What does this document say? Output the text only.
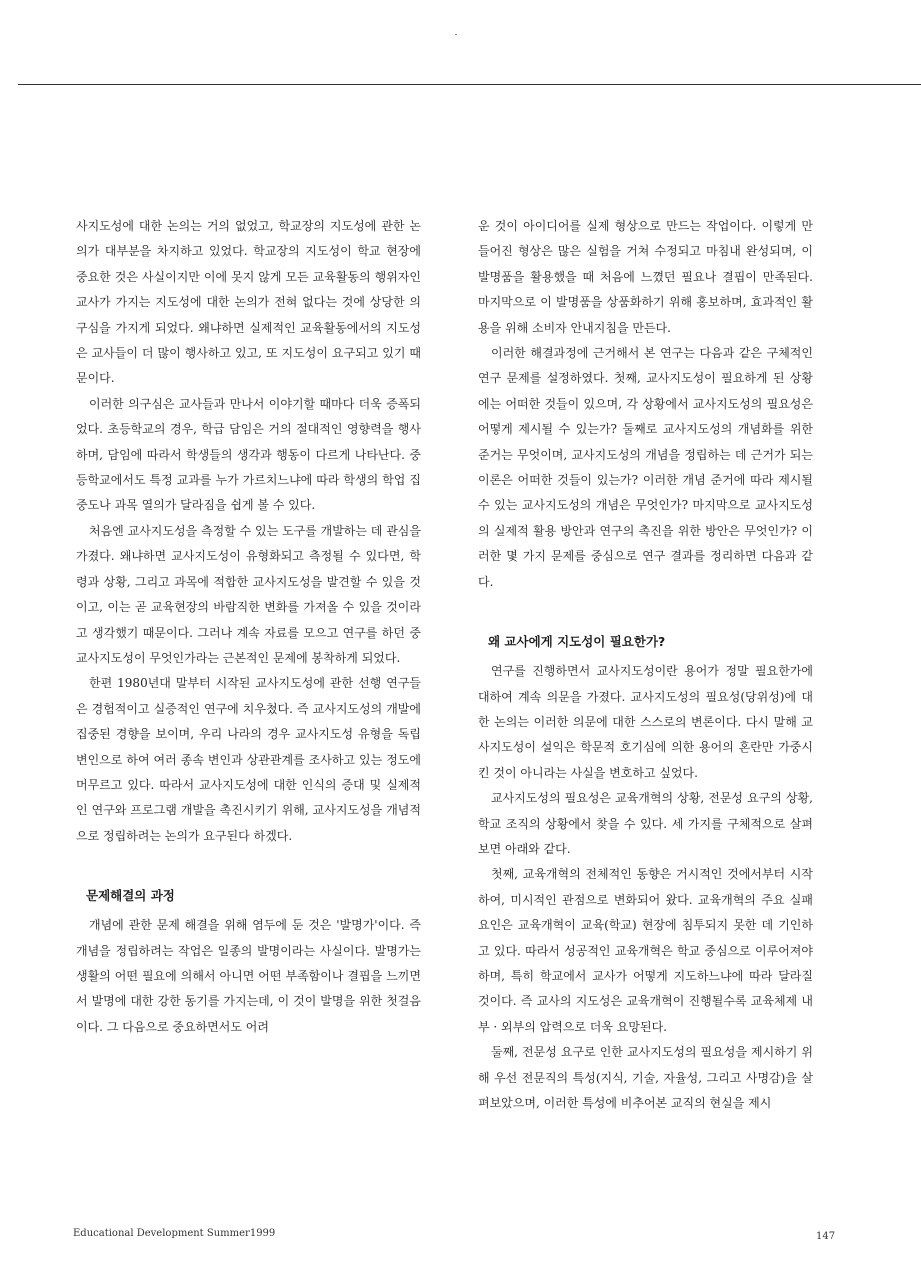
사지도성에 대한 논의는 거의 없었고, 학교장의 지도성에 관한 논의가 대부분을 차지하고 있었다. 학교장의 지도성이 학교 현장에 중요한 것은 사실이지만 이에 못지 않게 모든 교육활동의 행위자인 교사가 가지는 지도성에 대한 논의가 전혀 없다는 것에 상당한 의구심을 가지게 되었다. 왜냐하면 실제적인 교육활동에서의 지도성은 교사들이 더 많이 행사하고 있고, 또 지도성이 요구되고 있기 때문이다.

이러한 의구심은 교사들과 만나서 이야기할 때마다 더욱 증폭되었다. 초등학교의 경우, 학급 담임은 거의 절대적인 영향력을 행사하며, 담임에 따라서 학생들의 생각과 행동이 다르게 나타난다. 중등학교에서도 특정 교과를 누가 가르치느냐에 따라 학생의 학업 집중도나 과목 열의가 달라짐을 쉽게 볼 수 있다.

처음엔 교사지도성을 측정할 수 있는 도구를 개발하는 데 관심을 가졌다. 왜냐하면 교사지도성이 유형화되고 측정될 수 있다면, 학령과 상황, 그리고 과목에 적합한 교사지도성을 발견할 수 있을 것이고, 이는 곧 교육현장의 바람직한 변화를 가져올 수 있을 것이라고 생각했기 때문이다. 그러나 계속 자료를 모으고 연구를 하던 중 교사지도성이 무엇인가라는 근본적인 문제에 봉착하게 되었다.

한편 1980년대 말부터 시작된 교사지도성에 관한 선행 연구들은 경험적이고 실증적인 연구에 치우쳤다. 즉 교사지도성의 개발에 집중된 경향을 보이며, 우리 나라의 경우 교사지도성 유형을 독립변인으로 하여 여러 종속 변인과 상관관계를 조사하고 있는 정도에 머무르고 있다. 따라서 교사지도성에 대한 인식의 증대 및 실제적인 연구와 프로그램 개발을 촉진시키기 위해, 교사지도성을 개념적으로 정립하려는 논의가 요구된다 하겠다.

문제해결의 과정

개념에 관한 문제 해결을 위해 염두에 둔 것은 '발명가'이다. 즉 개념을 정립하려는 작업은 일종의 발명이라는 사실이다. 발명가는 생활의 어떤 필요에 의해서 아니면 어떤 부족함이나 결핍을 느끼면서 발명에 대한 강한 동기를 가지는데, 이 것이 발명을 위한 첫걸음이다. 그 다음으로 중요하면서도 어려

운 것이 아이디어를 실제 형상으로 만드는 작업이다. 이렇게 만들어진 형상은 많은 실험을 거쳐 수정되고 마침내 완성되며, 이 발명품을 활용했을 때 처음에 느꼈던 필요나 결핍이 만족된다. 마지막으로 이 발명품을 상품화하기 위해 홍보하며, 효과적인 활용을 위해 소비자 안내지침을 만든다.

이러한 해결과정에 근거해서 본 연구는 다음과 같은 구체적인 연구 문제를 설정하였다. 첫째, 교사지도성이 필요하게 된 상황에는 어떠한 것들이 있으며, 각 상황에서 교사지도성의 필요성은 어떻게 제시될 수 있는가? 둘째로 교사지도성의 개념화를 위한 준거는 무엇이며, 교사지도성의 개념을 정립하는 데 근거가 되는 이론은 어떠한 것들이 있는가? 이러한 개념 준거에 따라 제시될 수 있는 교사지도성의 개념은 무엇인가? 마지막으로 교사지도성의 실제적 활용 방안과 연구의 촉진을 위한 방안은 무엇인가? 이러한 몇 가지 문제를 중심으로 연구 결과를 정리하면 다음과 같다.

왜 교사에게 지도성이 필요한가?

연구를 진행하면서 교사지도성이란 용어가 정말 필요한가에 대하여 계속 의문을 가졌다. 교사지도성의 필요성(당위성)에 대한 논의는 이러한 의문에 대한 스스로의 변론이다. 다시 말해 교사지도성이 설익은 학문적 호기심에 의한 용어의 혼란만 가중시킨 것이 아니라는 사실을 변호하고 싶었다.

교사지도성의 필요성은 교육개혁의 상황, 전문성 요구의 상황, 학교 조직의 상황에서 찾을 수 있다. 세 가지를 구체적으로 살펴보면 아래와 같다.

첫째, 교육개혁의 전체적인 동향은 거시적인 것에서부터 시작하여, 미시적인 관점으로 변화되어 왔다. 교육개혁의 주요 실패요인은 교육개혁이 교육(학교) 현장에 침투되지 못한 데 기인하고 있다. 따라서 성공적인 교육개혁은 학교 중심으로 이루어져야 하며, 특히 학교에서 교사가 어떻게 지도하느냐에 따라 달라질 것이다. 즉 교사의 지도성은 교육개혁이 진행될수록 교육체제 내부 · 외부의 압력으로 더욱 요망된다.

둘째, 전문성 요구로 인한 교사지도성의 필요성을 제시하기 위해 우선 전문직의 특성(지식, 기술, 자율성, 그리고 사명감)을 살펴보았으며, 이러한 특성에 비추어본 교직의 현실을 제시

Educational Development Summer1999	147
